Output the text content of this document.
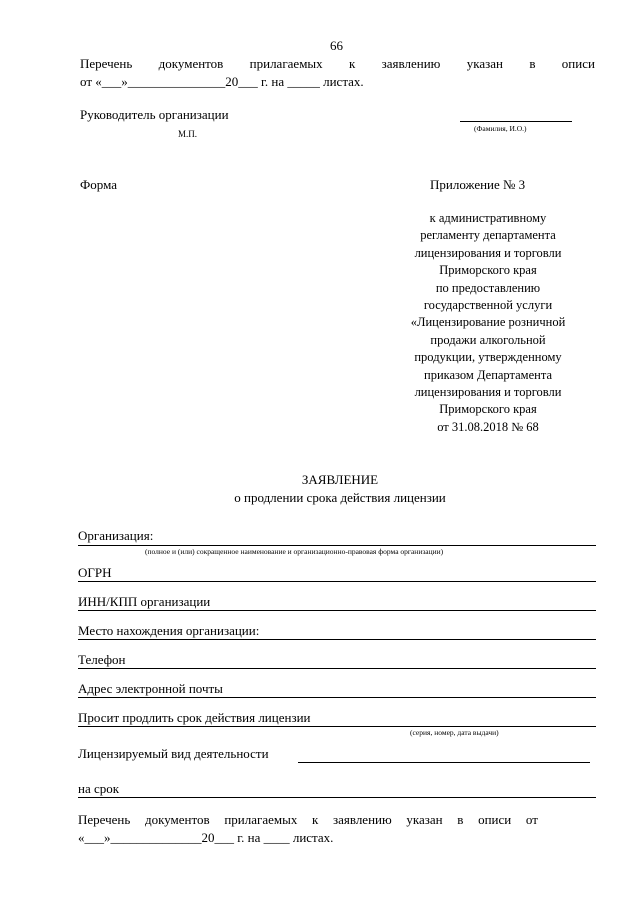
66
Перечень документов прилагаемых к заявлению указан в описи
от «___»_______________20___ г. на _____ листах.
Руководитель организации
(Фамилия, И.О.)
М.П.
Форма	Приложение № 3
к административному
регламенту департамента
лицензирования и торговли
Приморского края
по предоставлению
государственной услуги
«Лицензирование розничной
продажи алкогольной
продукции, утвержденному
приказом Департамента
лицензирования и торговли
Приморского края
от 31.08.2018 № 68
ЗАЯВЛЕНИЕ
о продлении срока действия лицензии
Организация:
(полное и (или) сокращенное наименование и организационно-правовая форма организации)
ОГРН
ИНН/КПП организации
Место нахождения организации:
Телефон
Адрес электронной почты
Просит продлить срок действия лицензии
(серия, номер, дата выдачи)
Лицензируемый вид деятельности
на срок
Перечень документов прилагаемых к заявлению указан в описи от
«___»______________20___ г. на ____ листах.
